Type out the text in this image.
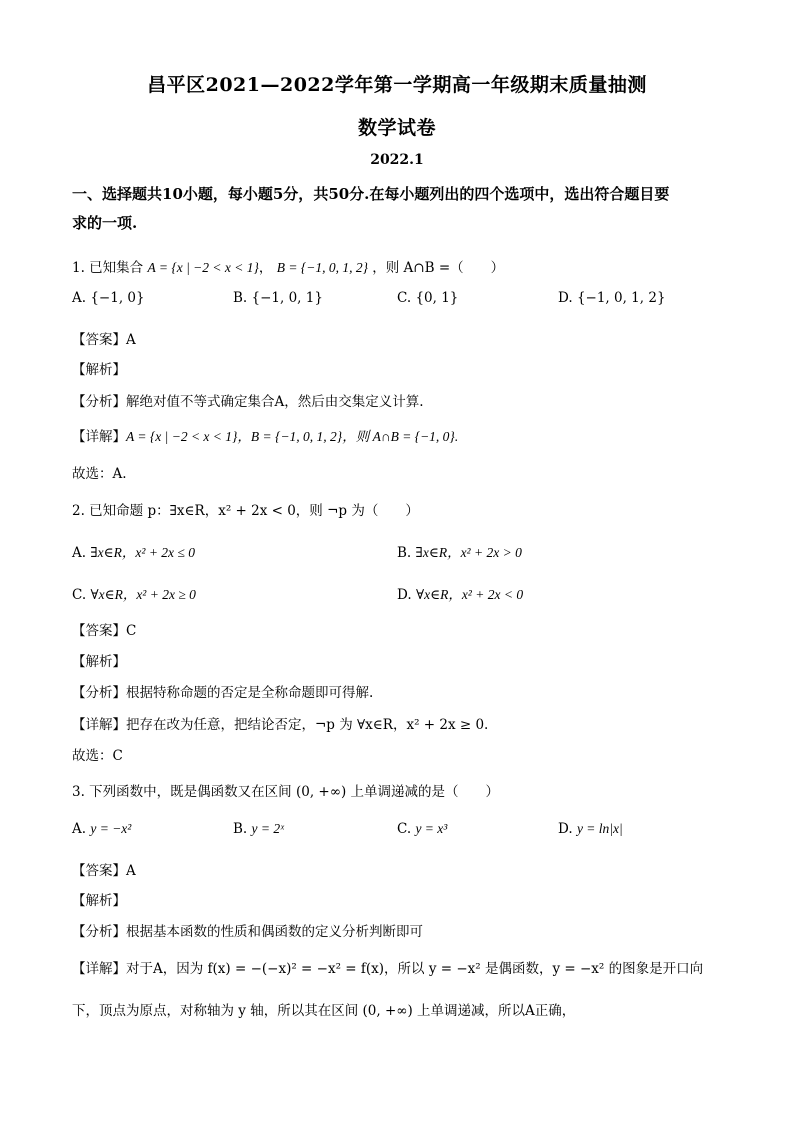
昌平区2021—2022学年第一学期高一年级期末质量抽测
数学试卷
2022.1
一、选择题共10小题，每小题5分，共50分.在每小题列出的四个选项中，选出符合题目要
求的一项.
1. 已知集合 A = {x | −2 < x < 1}， B = {−1, 0, 1, 2} ，则 A∩B =（　　）
A. {−1, 0}	B. {−1, 0, 1}	C. {0, 1}	D. {−1, 0, 1, 2}
【答案】A
【解析】
【分析】解绝对值不等式确定集合A，然后由交集定义计算.
【详解】A = {x | −2 < x < 1}，B = {−1, 0, 1, 2}，则 A∩B = {−1, 0}.
故选：A.
2. 已知命题 p：∃x∈R，x² + 2x < 0，则 ¬p 为（　　）
A. ∃x∈R，x² + 2x ≤ 0	B. ∃x∈R，x² + 2x > 0
C. ∀x∈R，x² + 2x ≥ 0	D. ∀x∈R，x² + 2x < 0
【答案】C
【解析】
【分析】根据特称命题的否定是全称命题即可得解.
【详解】把存在改为任意，把结论否定，¬p 为 ∀x∈R，x² + 2x ≥ 0.
故选：C
3. 下列函数中，既是偶函数又在区间 (0, +∞) 上单调递减的是（　　）
A. y = −x²	B. y = 2ˣ	C. y = x³	D. y = ln|x|
【答案】A
【解析】
【分析】根据基本函数的性质和偶函数的定义分析判断即可
【详解】对于A，因为 f(x) = −(−x)² = −x² = f(x)，所以 y = −x² 是偶函数，y = −x² 的图象是开口向
下，顶点为原点，对称轴为 y 轴，所以其在区间 (0, +∞) 上单调递减，所以A正确，
